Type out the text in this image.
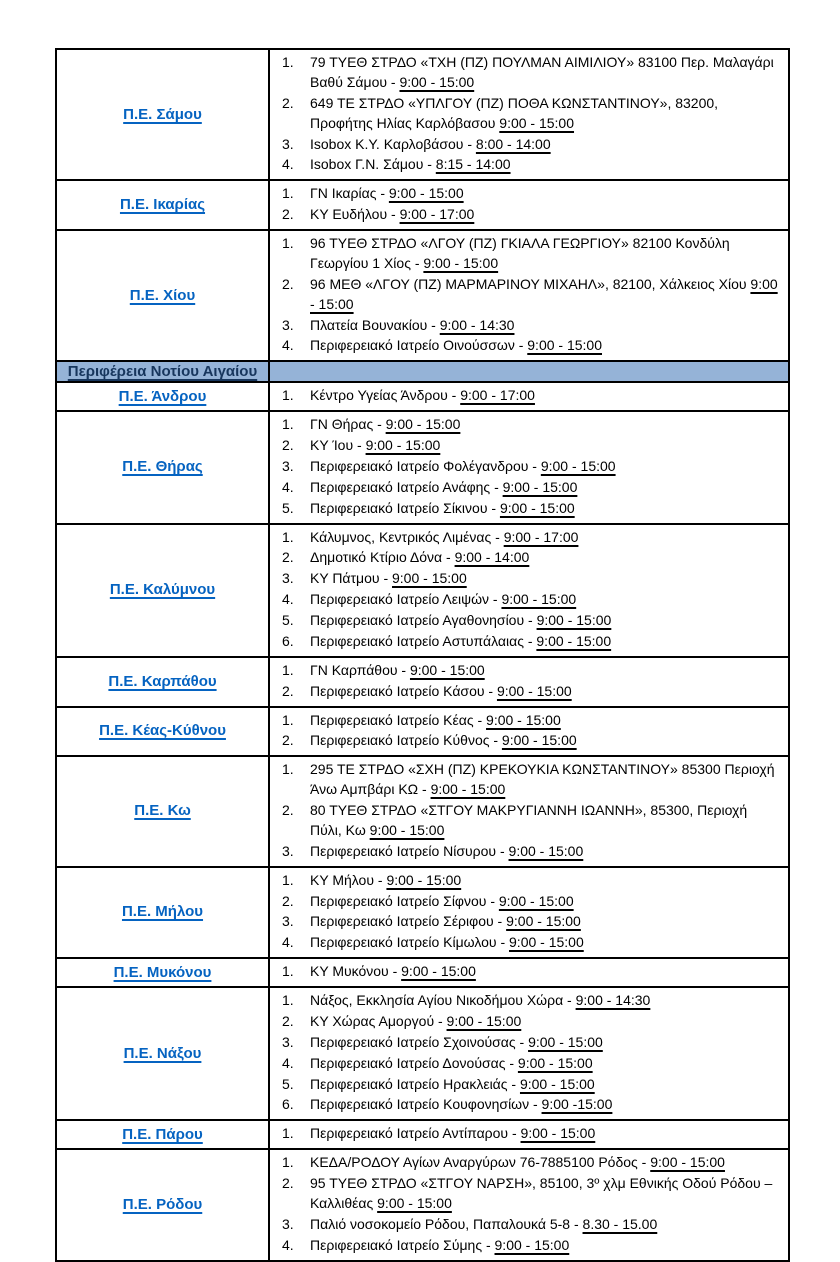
Π.Ε. Σάμου	
79 ΤΥΕΘ ΣΤΡΔΟ «ΤΧΗ (ΠΖ) ΠΟΥΛΜΑΝ ΑΙΜΙΛΙΟΥ» 83100 Περ. Μαλαγάρι Βαθύ Σάμου - 9:00 - 15:00
649 ΤΕ ΣΤΡΔΟ «ΥΠΛΓΟΥ (ΠΖ) ΠΟΘΑ ΚΩΝΣΤΑΝΤΙΝΟΥ», 83200, Προφήτης Ηλίας Καρλόβασου 9:00 - 15:00
Isobox Κ.Υ. Καρλοβάσου - 8:00 - 14:00
Isobox Γ.Ν. Σάμου - 8:15 - 14:00

Π.Ε. Ικαρίας	
ΓΝ Ικαρίας - 9:00 - 15:00
ΚΥ Ευδήλου - 9:00 - 17:00

Π.Ε. Χίου	
96 ΤΥΕΘ ΣΤΡΔΟ «ΛΓΟΥ (ΠΖ) ΓΚΙΑΛΑ ΓΕΩΡΓΙΟΥ» 82100 Κονδύλη Γεωργίου 1 Χίος - 9:00 - 15:00
96 ΜΕΘ «ΛΓΟΥ (ΠΖ) ΜΑΡΜΑΡΙΝΟΥ ΜΙΧΑΗΛ», 82100, Χάλκειος Χίου 9:00 - 15:00
Πλατεία Βουνακίου - 9:00 - 14:30
Περιφερειακό Ιατρείο Οινούσσων - 9:00 - 15:00

Περιφέρεια Νοτίου Αιγαίου	

Π.Ε. Άνδρου	Κέντρο Υγείας Άνδρου - 9:00 - 17:00

Π.Ε. Θήρας	
ΓΝ Θήρας - 9:00 - 15:00
ΚΥ Ίου - 9:00 - 15:00
Περιφερειακό Ιατρείο Φολέγανδρου - 9:00 - 15:00
Περιφερειακό Ιατρείο Ανάφης - 9:00 - 15:00
Περιφερειακό Ιατρείο Σίκινου - 9:00 - 15:00

Π.Ε. Καλύμνου	
Κάλυμνος, Κεντρικός Λιμένας - 9:00 - 17:00
Δημοτικό Κτίριο Δόνα - 9:00 - 14:00
ΚΥ Πάτμου - 9:00 - 15:00
Περιφερειακό Ιατρείο Λειψών - 9:00 - 15:00
Περιφερειακό Ιατρείο Αγαθονησίου - 9:00 - 15:00
Περιφερειακό Ιατρείο Αστυπάλαιας - 9:00 - 15:00

Π.Ε. Καρπάθου	
ΓΝ Καρπάθου - 9:00 - 15:00
Περιφερειακό Ιατρείο Κάσου - 9:00 - 15:00

Π.Ε. Κέας-Κύθνου	
Περιφερειακό Ιατρείο Κέας - 9:00 - 15:00
Περιφερειακό Ιατρείο Κύθνος - 9:00 - 15:00

Π.Ε. Κω	
295 ΤΕ ΣΤΡΔΟ «ΣΧΗ (ΠΖ) ΚΡΕΚΟΥΚΙΑ ΚΩΝΣΤΑΝΤΙΝΟΥ» 85300 Περιοχή Άνω Αμπβάρι ΚΩ - 9:00 - 15:00
80 ΤΥΕΘ ΣΤΡΔΟ «ΣΤΓΟΥ ΜΑΚΡΥΓΙΑΝΝΗ ΙΩΑΝΝΗ», 85300, Περιοχή Πύλι, Κω 9:00 - 15:00
Περιφερειακό Ιατρείο Νίσυρου - 9:00 - 15:00

Π.Ε. Μήλου	
ΚΥ Μήλου - 9:00 - 15:00
Περιφερειακό Ιατρείο Σίφνου - 9:00 - 15:00
Περιφερειακό Ιατρείο Σέριφου - 9:00 - 15:00
Περιφερειακό Ιατρείο Κίμωλου - 9:00 - 15:00

Π.Ε. Μυκόνου	ΚΥ Μυκόνου - 9:00 - 15:00

Π.Ε. Νάξου	
Νάξος, Εκκλησία Αγίου Νικοδήμου Χώρα - 9:00 - 14:30
ΚΥ Χώρας Αμοργού - 9:00 - 15:00
Περιφερειακό Ιατρείο Σχοινούσας - 9:00 - 15:00
Περιφερειακό Ιατρείο Δονούσας - 9:00 - 15:00
Περιφερειακό Ιατρείο Ηρακλειάς - 9:00 - 15:00
Περιφερειακό Ιατρείο Κουφονησίων - 9:00 -15:00

Π.Ε. Πάρου	Περιφερειακό Ιατρείο Αντίπαρου - 9:00 - 15:00

Π.Ε. Ρόδου	
ΚΕΔΑ/ΡΟΔΟΥ Αγίων Αναργύρων 76-7885100 Ρόδος - 9:00 - 15:00
95 ΤΥΕΘ ΣΤΡΔΟ «ΣΤΓΟΥ ΝΑΡΣΗ», 85100, 3º χλμ Εθνικής Οδού Ρόδου – Καλλιθέας 9:00 - 15:00
Παλιό νοσοκομείο Ρόδου, Παπαλουκά 5-8 - 8.30 - 15.00
Περιφερειακό Ιατρείο Σύμης - 9:00 - 15:00
